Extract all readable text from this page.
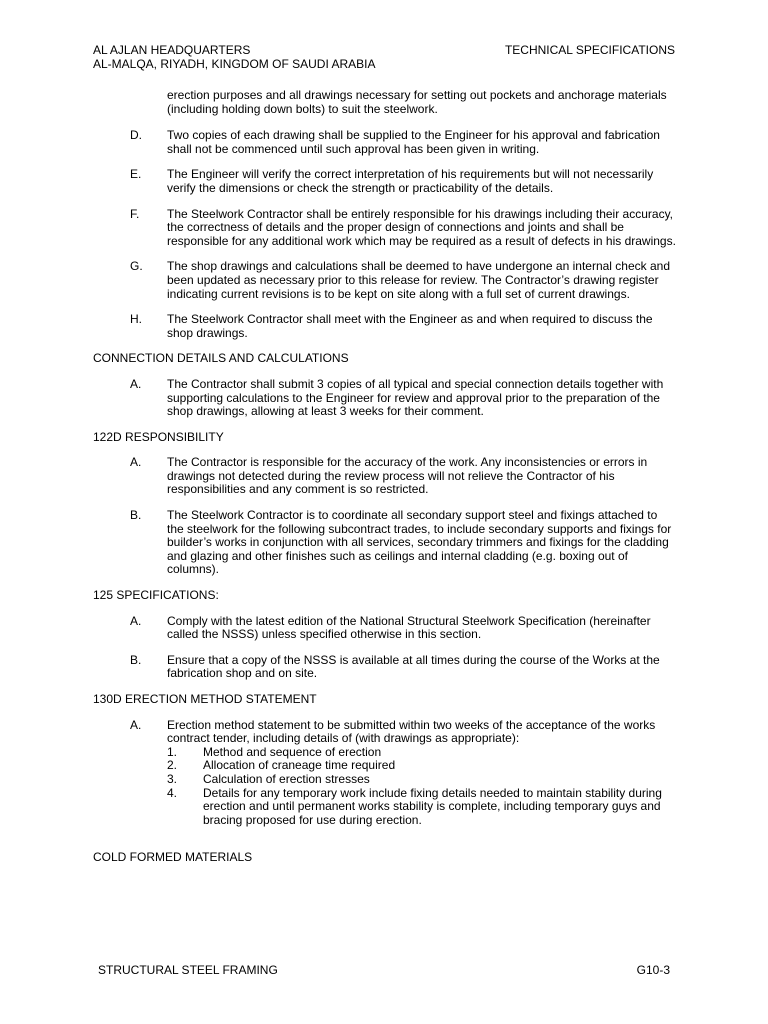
AL AJLAN HEADQUARTERS
AL-MALQA, RIYADH, KINGDOM OF SAUDI ARABIA
TECHNICAL SPECIFICATIONS
erection purposes and all drawings necessary for setting out pockets and anchorage materials (including holding down bolts) to suit the steelwork.
D. Two copies of each drawing shall be supplied to the Engineer for his approval and fabrication shall not be commenced until such approval has been given in writing.
E. The Engineer will verify the correct interpretation of his requirements but will not necessarily verify the dimensions or check the strength or practicability of the details.
F. The Steelwork Contractor shall be entirely responsible for his drawings including their accuracy, the correctness of details and the proper design of connections and joints and shall be responsible for any additional work which may be required as a result of defects in his drawings.
G. The shop drawings and calculations shall be deemed to have undergone an internal check and been updated as necessary prior to this release for review. The Contractor’s drawing register indicating current revisions is to be kept on site along with a full set of current drawings.
H. The Steelwork Contractor shall meet with the Engineer as and when required to discuss the shop drawings.
CONNECTION DETAILS AND CALCULATIONS
A. The Contractor shall submit 3 copies of all typical and special connection details together with supporting calculations to the Engineer for review and approval prior to the preparation of the shop drawings, allowing at least 3 weeks for their comment.
122D RESPONSIBILITY
A. The Contractor is responsible for the accuracy of the work. Any inconsistencies or errors in drawings not detected during the review process will not relieve the Contractor of his responsibilities and any comment is so restricted.
B. The Steelwork Contractor is to coordinate all secondary support steel and fixings attached to the steelwork for the following subcontract trades, to include secondary supports and fixings for builder’s works in conjunction with all services, secondary trimmers and fixings for the cladding and glazing and other finishes such as ceilings and internal cladding (e.g. boxing out of columns).
125 SPECIFICATIONS:
A. Comply with the latest edition of the National Structural Steelwork Specification (hereinafter called the NSSS) unless specified otherwise in this section.
B. Ensure that a copy of the NSSS is available at all times during the course of the Works at the fabrication shop and on site.
130D ERECTION METHOD STATEMENT
A. Erection method statement to be submitted within two weeks of the acceptance of the works contract tender, including details of (with drawings as appropriate):
1. Method and sequence of erection
2. Allocation of craneage time required
3. Calculation of erection stresses
4. Details for any temporary work include fixing details needed to maintain stability during erection and until permanent works stability is complete, including temporary guys and bracing proposed for use during erection.
COLD FORMED MATERIALS
STRUCTURAL STEEL FRAMING	G10-3
